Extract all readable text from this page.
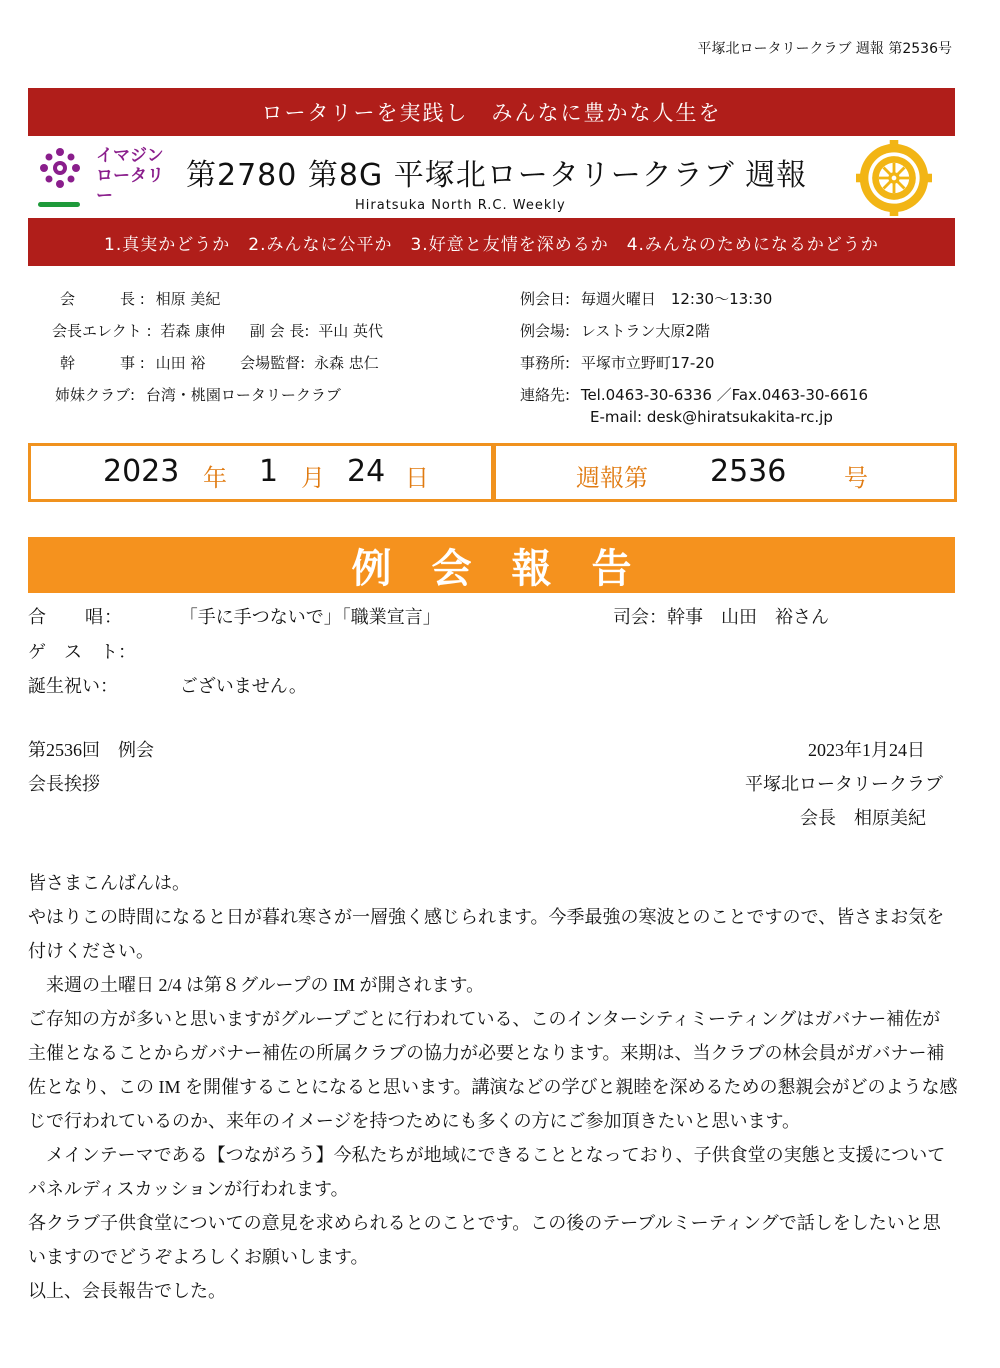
平塚北ロータリークラブ 週報 第2536号
ロータリーを実践し　みんなに豊かな人生を
イマジン
ロータリー
第2780 第8G 平塚北ロータリークラブ 週報
Hiratsuka North R.C. Weekly
1.真実かどうか　2.みんなに公平か　3.好意と友情を深めるか　4.みんなのためになるかどうか
会　　　長 : 相原 美紀
会長エレクト : 若森 康伸 副 会 長: 平山 英代
幹　　　事 : 山田 裕 会場監督: 永森 忠仁
姉妹クラブ: 台湾・桃園ロータリークラブ
例会日: 毎週火曜日　12:30〜13:30
例会場: レストラン大原2階
事務所: 平塚市立野町17-20
連絡先: Tel.0463-30-6336 ／Fax.0463-30-6616
E-mail: desk@hiratsukakita-rc.jp
2023 年 1 月 24 日	週報第 2536 号
例会報告
合　　唱：	「手に手つないで」「職業宣言」	司会：幹事　山田　裕さん
ゲ　ス　ト：
誕生祝い：	ございません。
第2536回　例会	2023年1月24日
会長挨拶	平塚北ロータリークラブ
会長　相原美紀

皆さまこんばんは。

やはりこの時間になると日が暮れ寒さが一層強く感じられます。今季最強の寒波とのことですので、皆さまお気を付けください。

　来週の土曜日 2/4 は第８グループの IM が開されます。

ご存知の方が多いと思いますがグループごとに行われている、このインターシティミーティングはガバナー補佐が主催となることからガバナー補佐の所属クラブの協力が必要となります。来期は、当クラブの林会員がガバナー補佐となり、この IM を開催することになると思います。講演などの学びと親睦を深めるための懇親会がどのような感じで行われているのか、来年のイメージを持つためにも多くの方にご参加頂きたいと思います。

　メインテーマである【つながろう】今私たちが地域にできることとなっており、子供食堂の実態と支援についてパネルディスカッションが行われます。

各クラブ子供食堂についての意見を求められるとのことです。この後のテーブルミーティングで話しをしたいと思いますのでどうぞよろしくお願いします。

以上、会長報告でした。
